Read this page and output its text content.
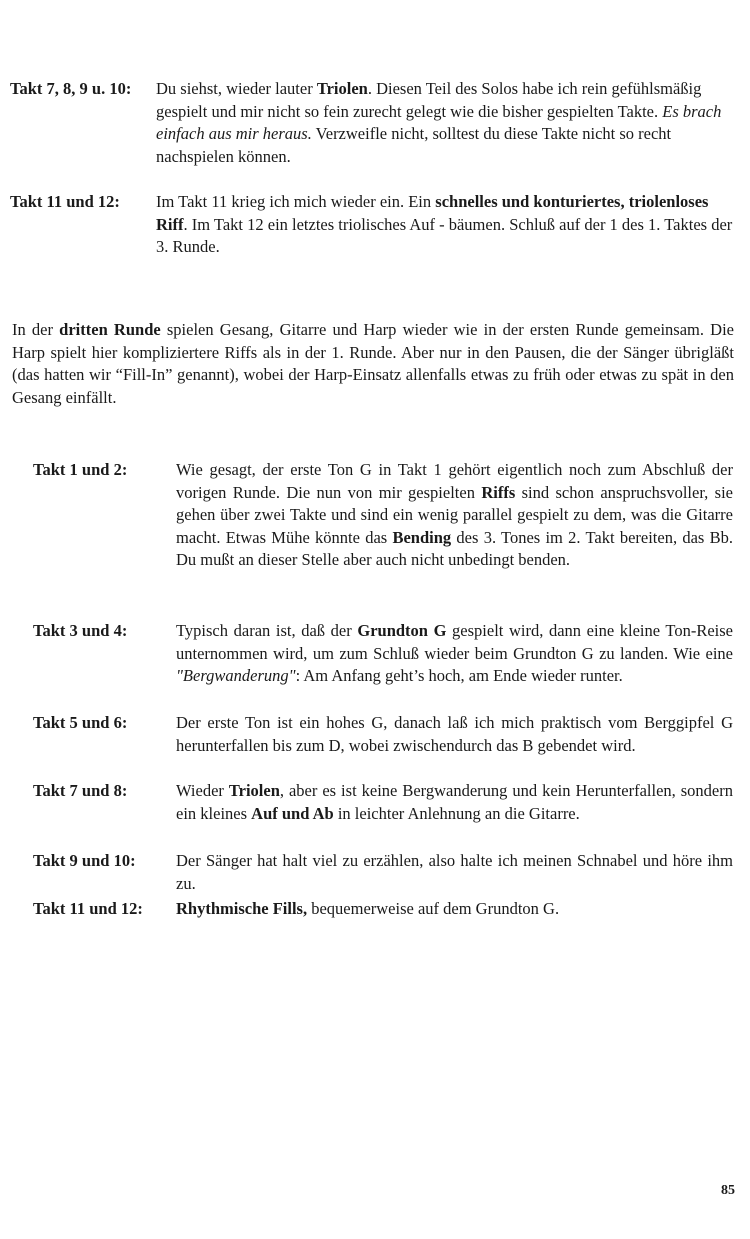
Takt 7, 8, 9 u. 10:	Du siehst, wieder lauter Triolen. Diesen Teil des Solos habe ich rein gefühlsmäßig gespielt und mir nicht so fein zurecht gelegt wie die bisher gespielten Takte. Es brach einfach aus mir heraus. Verzweifle nicht, solltest du diese Takte nicht so recht nachspielen können.
Takt 11 und 12:	Im Takt 11 krieg ich mich wieder ein. Ein schnelles und konturiertes, triolenloses Riff. Im Takt 12 ein letztes triolisches Auf - bäumen. Schluß auf der 1 des 1. Taktes der 3. Runde.
In der dritten Runde spielen Gesang, Gitarre und Harp wieder wie in der ersten Runde gemeinsam. Die Harp spielt hier kompliziertere Riffs als in der 1. Runde. Aber nur in den Pausen, die der Sänger übrigläßt (das hatten wir “Fill-In” genannt), wobei der Harp-Einsatz allenfalls etwas zu früh oder etwas zu spät in den Gesang einfällt.
Takt 1 und 2:	Wie gesagt, der erste Ton G in Takt 1 gehört eigentlich noch zum Abschluß der vorigen Runde. Die nun von mir gespielten Riffs sind schon anspruchsvoller, sie gehen über zwei Takte und sind ein wenig parallel gespielt zu dem, was die Gitarre macht. Etwas Mühe könnte das Bending des 3. Tones im 2. Takt bereiten, das Bb. Du mußt an dieser Stelle aber auch nicht unbedingt benden.
Takt 3 und 4:	Typisch daran ist, daß der Grundton G gespielt wird, dann eine kleine Ton-Reise unternommen wird, um zum Schluß wieder beim Grundton G zu landen. Wie eine "Bergwanderung": Am Anfang geht’s hoch, am Ende wieder runter.
Takt 5 und 6:	Der erste Ton ist ein hohes G, danach laß ich mich praktisch vom Berggipfel G herunterfallen bis zum D, wobei zwischendurch das B gebendet wird.
Takt 7 und 8:	Wieder Triolen, aber es ist keine Bergwanderung und kein Herunterfallen, sondern ein kleines Auf und Ab in leichter Anlehnung an die Gitarre.
Takt 9 und 10:	Der Sänger hat halt viel zu erzählen, also halte ich meinen Schnabel und höre ihm zu.
Takt 11 und 12:	Rhythmische Fills, bequemerweise auf dem Grundton G.
85
